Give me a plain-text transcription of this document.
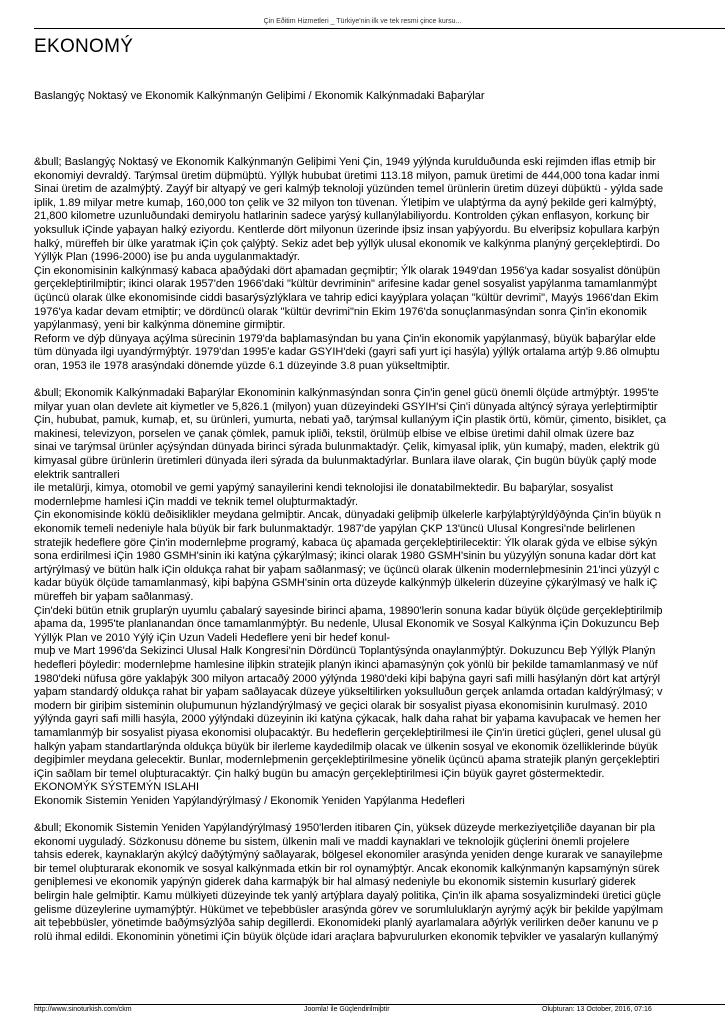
Çin Eðitim Hizmetleri _ Türkiye'nin ilk ve tek resmi çince kursu...
EKONOMÝ
Baslangýç Noktasý ve Ekonomik Kalkýnmanýn Geliþimi / Ekonomik Kalkýnmadaki Baþarýlar
&bull; Baslangýç Noktasý ve Ekonomik Kalkýnmanýn Geliþimi Yeni Çin, 1949 yýlýnda kurulduðunda eski rejimden iflas etmiþ bir
ekonomiyi devraldý. Tarýmsal üretim düþmüþtü. Yýllýk hububat üretimi 113.18 milyon, pamuk üretimi de 444,000 tona kadar inmi
Sinai üretim de azalmýþtý. Zayýf bir altyapý ve geri kalmýþ teknoloji yüzünden temel ürünlerin üretim düzeyi düþüktü - yýlda sade
iplik, 1.89 milyar metre kumaþ, 160,000 ton çelik ve 32 milyon ton tüvenan. Ýletiþim ve ulaþtýrma da ayný þekilde geri kalmýþtý,
21,800 kilometre uzunluðundaki demiryolu hatlarinin sadece yarýsý kullanýlabiliyordu. Kontrolden çýkan enflasyon, korkunç bir
yoksulluk iÇinde yaþayan halký eziyordu. Kentlerde dört milyonun üzerinde iþsiz insan yaþýyordu. Bu elveriþsiz koþullara karþýn
halký, müreffeh bir ülke yaratmak iÇin çok çalýþtý. Sekiz adet beþ yýllýk ulusal ekonomik ve kalkýnma planýný gerçekleþtirdi. Do
Yýllýk Plan (1996-2000) ise þu anda uygulanmaktadýr.
Çin ekonomisinin kalkýnmasý kabaca aþaðýdaki dört aþamadan geçmiþtir; Ýlk olarak 1949'dan 1956'ya kadar sosyalist dönüþün
gerçekleþtirilmiþtir; ikinci olarak 1957'den 1966'daki "kültür devriminin" arifesine kadar genel sosyalist yapýlanma tamamlanmýþt
üçüncü olarak ülke ekonomisinde ciddi basarýsýzlýklara ve tahrip edici kayýplara yolaçan "kültür devrimi", Mayýs 1966'dan Ekim
1976'ya kadar devam etmiþtir; ve dördüncü olarak "kültür devrimi"nin Ekim 1976'da sonuçlanmasýndan sonra Çin'in ekonomik
yapýlanmasý, yeni bir kalkýnma dönemine girmiþtir.
Reform ve dýþ dünyaya açýlma sürecinin 1979'da baþlamasýndan bu yana Çin'in ekonomik yapýlanmasý, büyük baþarýlar elde
tüm dünyada ilgi uyandýrmýþtýr. 1979'dan 1995'e kadar GSYIH'deki (gayri safi yurt içi hasýla) yýllýk ortalama artýþ 9.86 olmuþtu
oran, 1953 ile 1978 arasýndaki dönemde yüzde 6.1 düzeyinde 3.8 puan yükseltmiþtir.
&bull; Ekonomik Kalkýnmadaki Baþarýlar Ekonominin kalkýnmasýndan sonra Çin'in genel gücü önemli ölçüde artmýþtýr. 1995'te
milyar yuan olan devlete ait kiymetler ve 5,826.1 (milyon) yuan düzeyindeki GSYIH'si Çin'i dünyada altýncý sýraya yerleþtirmiþtir
Çin, hububat, pamuk, kumaþ, et, su ürünleri, yumurta, nebati yað, tarýmsal kullanýym iÇin plastik örtü, kömür, çimento, bisiklet, ça
makinesi, televizyon, porselen ve çanak çömlek, pamuk ipliði, tekstil, örülmüþ elbise ve elbise üretimi dahil olmak üzere baz
sinai ve tarýmsal ürünler açýsýndan dünyada birinci sýrada bulunmaktadýr. Çelik, kimyasal iplik, yün kumaþý, maden, elektrik gü
kimyasal gübre ürünlerin üretimleri dünyada ileri sýrada da bulunmaktadýrlar. Bunlara ilave olarak, Çin bugün büyük çaplý mode
elektrik santralleri
ile metalürji, kimya, otomobil ve gemi yapýmý sanayilerini kendi teknolojisi ile donatabilmektedir. Bu baþarýlar, sosyalist
modernleþme hamlesi iÇin maddi ve teknik temel oluþturmaktadýr.
Çin ekonomisinde köklü deðisiklikler meydana gelmiþtir. Ancak, dünyadaki geliþmiþ ülkelerle karþýlaþtýrýldýðýnda Çin'in büyük n
ekonomik temeli nedeniyle hala büyük bir fark bulunmaktadýr. 1987'de yapýlan ÇKP 13'üncü Ulusal Kongresi'nde belirlenen
stratejik hedeflere göre Çin'in modernleþme programý, kabaca üç aþamada gerçekleþtirilecektir: Ýlk olarak gýda ve elbise sýkýn
sona erdirilmesi iÇin 1980 GSMH'sinin iki katýna çýkarýlmasý; ikinci olarak 1980 GSMH'sinin bu yüzyýlýn sonuna kadar dört kat
artýrýlmasý ve bütün halk iÇin oldukça rahat bir yaþam saðlanmasý; ve üçüncü olarak ülkenin modernleþmesinin 21'inci yüzyýl c
kadar büyük ölçüde tamamlanmasý, kiþi baþýna GSMH'sinin orta düzeyde kalkýnmýþ ülkelerin düzeyine çýkarýlmasý ve halk iÇ
müreffeh bir yaþam saðlanmasý.
Çin'deki bütün etnik gruplarýn uyumlu çabalarý sayesinde birinci aþama, 19890'lerin sonuna kadar büyük ölçüde gerçekleþtirilmiþ
aþama da, 1995'te planlanandan önce tamamlanmýþtýr. Bu nedenle, Ulusal Ekonomik ve Sosyal Kalkýnma iÇin Dokuzuncu Beþ
Yýllýk Plan ve 2010 Yýlý iÇin Uzun Vadeli Hedeflere yeni bir hedef konul-
muþ ve Mart 1996'da Sekizinci Ulusal Halk Kongresi'nin Dördüncü Toplantýsýnda onaylanmýþtýr. Dokuzuncu Beþ Yýllýk Planýn
hedefleri þöyledir: modernleþme hamlesine iliþkin stratejik planýn ikinci aþamasýnýn çok yönlü bir þekilde tamamlanmasý ve nüf
1980'deki nüfusa göre yaklaþýk 300 milyon artacaðý 2000 yýlýnda 1980'deki kiþi baþýna gayri safi milli hasýlanýn dört kat artýrýl
yaþam standardý oldukça rahat bir yaþam saðlayacak düzeye yükseltilirken yoksulluðun gerçek anlamda ortadan kaldýrýlmasý; v
modern bir giriþim sisteminin oluþumunun hýzlandýrýlmasý ve geçici olarak bir sosyalist piyasa ekonomisinin kurulmasý. 2010
yýlýnda gayri safi milli hasýla, 2000 yýlýndaki düzeyinin iki katýna çýkacak, halk daha rahat bir yaþama kavuþacak ve hemen her
tamamlanmýþ bir sosyalist piyasa ekonomisi oluþacaktýr. Bu hedeflerin gerçekleþtirilmesi ile Çin'in üretici güçleri, genel ulusal gü
halkýn yaþam standartlarýnda oldukça büyük bir ilerleme kaydedilmiþ olacak ve ülkenin sosyal ve ekonomik özelliklerinde büyük
degiþimler meydana gelecektir. Bunlar, modernleþmenin gerçekleþtirilmesine yönelik üçüncü aþama stratejik planýn gerçekleþtiri
iÇin saðlam bir temel oluþturacaktýr. Çin halký bugün bu amacýn gerçekleþtirilmesi iÇin büyük gayret göstermektedir.
EKONOMÝK SÝSTEMÝN ISLAHI
Ekonomik Sistemin Yeniden Yapýlandýrýlmasý / Ekonomik Yeniden Yapýlanma Hedefleri
&bull; Ekonomik Sistemin Yeniden Yapýlandýrýlmasý 1950'lerden itibaren Çin, yüksek düzeyde merkeziyetçiliðe dayanan bir pla
ekonomi uyguladý. Sözkonusu döneme bu sistem, ülkenin mali ve maddi kaynaklari ve teknolojik güçlerini önemli projelere
tahsis ederek, kaynaklarýn akýlcý daðýtýmýný saðlayarak, bölgesel ekonomiler arasýnda yeniden denge kurarak ve sanayileþme
bir temel oluþturarak ekonomik ve sosyal kalkýnmada etkin bir rol oynamýþtýr. Ancak ekonomik kalkýnmanýn kapsamýnýn sürek
geniþlemesi ve ekonomik yapýnýn giderek daha karmaþýk bir hal almasý nedeniyle bu ekonomik sistemin kusurlarý giderek
belirgin hale gelmiþtir. Kamu mülkiyeti düzeyinde tek yanlý artýþlara dayalý politika, Çin'in ilk aþama sosyalizmindeki üretici güçle
gelisme düzeylerine uymamýþtýr. Hükümet ve teþebbüsler arasýnda görev ve sorumluluklarýn ayrýmý açýk bir þekilde yapýlmam
ait teþebbüsler, yönetimde baðýmsýzlýða sahip degillerdi. Ekonomideki planlý ayarlamalara aðýrlýk verilirken deðer kanunu ve p
rolü ihmal edildi. Ekonominin yönetimi iÇin büyük ölçüde idari araçlara baþvurulurken ekonomik teþvikler ve yasalarýn kullanýmý
http://www.sinoturkish.com/ckm	Joomla! ile Güçlendirilmiþtir	Oluþturan: 13 October, 2016, 07:16
